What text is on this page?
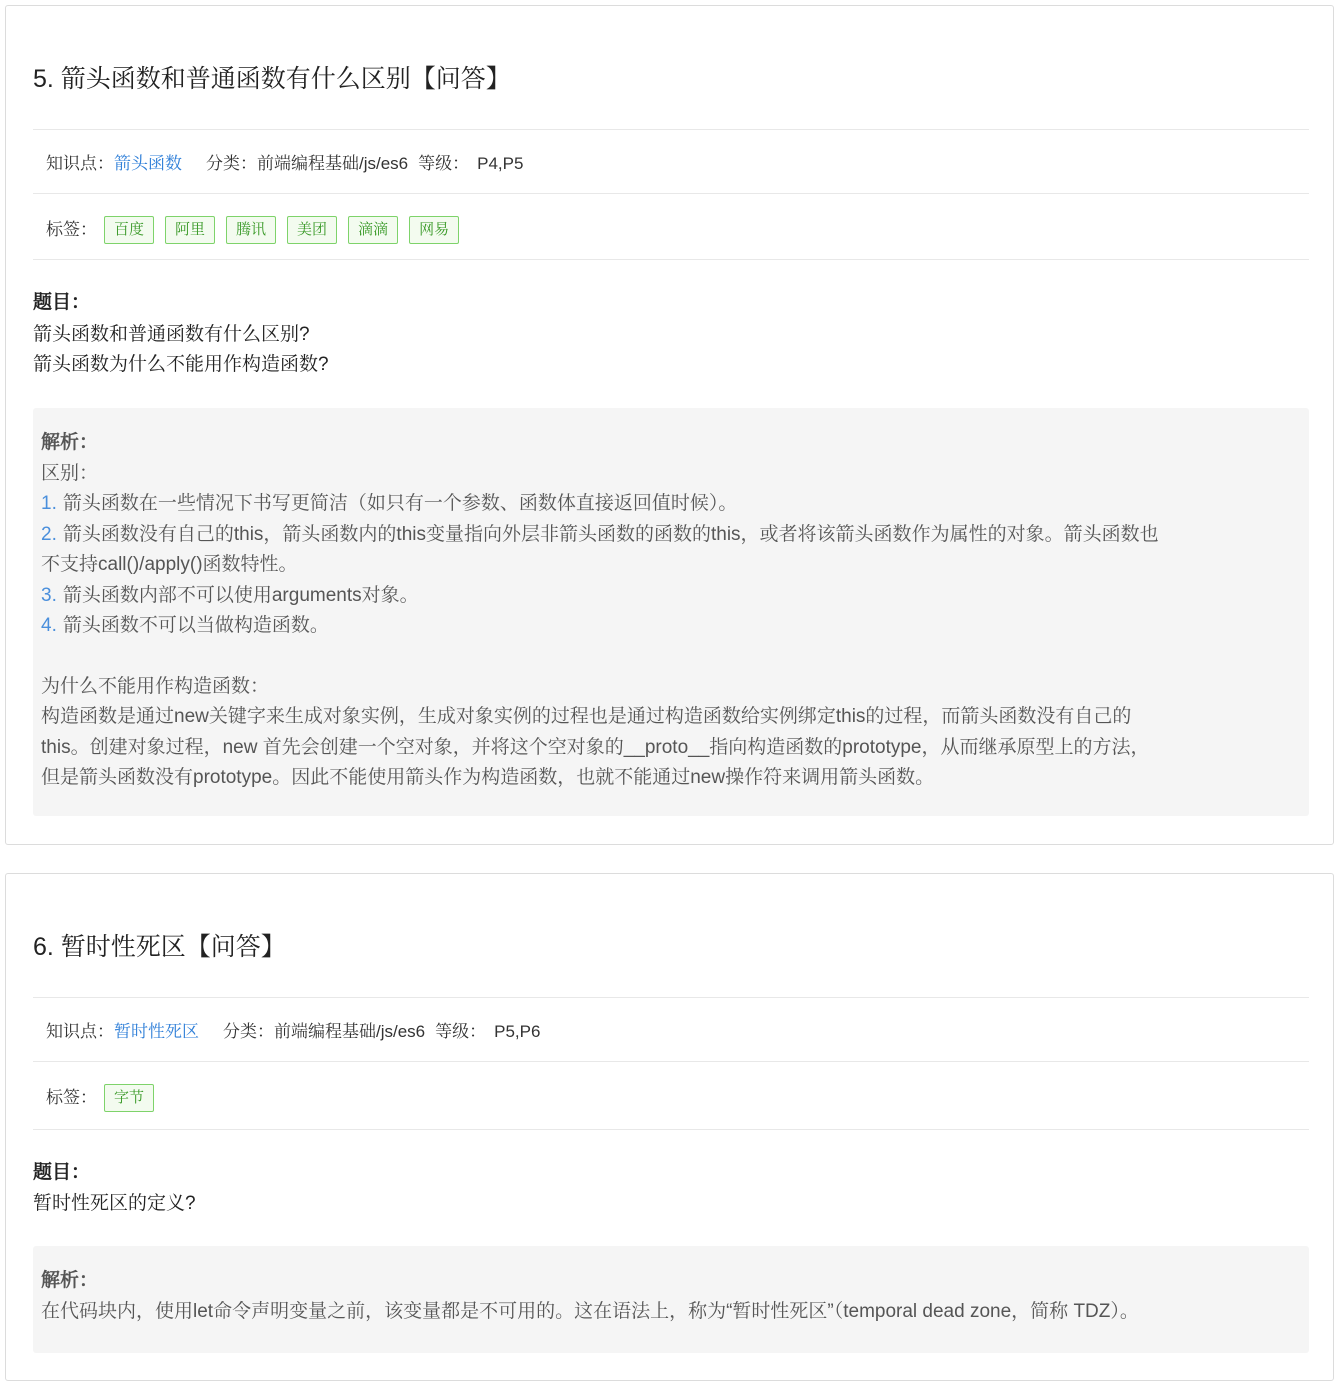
5. 箭头函数和普通函数有什么区别【问答】
知识点：箭头函数 分类：前端编程基础/js/es6 等级： P4,P5
标签：	百度	阿里	腾讯	美团	滴滴	网易
题目：
箭头函数和普通函数有什么区别?
箭头函数为什么不能用作构造函数?

解析：

区别：

1. 箭头函数在一些情况下书写更简洁（如只有一个参数、函数体直接返回值时候）。

2. 箭头函数没有自己的this，箭头函数内的this变量指向外层非箭头函数的函数的this，或者将该箭头函数作为属性的对象。箭头函数也

不支持call()/apply()函数特性。

3. 箭头函数内部不可以使用arguments对象。

4. 箭头函数不可以当做构造函数。

为什么不能用作构造函数：

构造函数是通过new关键字来生成对象实例，生成对象实例的过程也是通过构造函数给实例绑定this的过程，而箭头函数没有自己的

this。创建对象过程，new 首先会创建一个空对象，并将这个空对象的__proto__指向构造函数的prototype，从而继承原型上的方法，

但是箭头函数没有prototype。因此不能使用箭头作为构造函数，也就不能通过new操作符来调用箭头函数。

6. 暂时性死区【问答】
知识点：暂时性死区 分类：前端编程基础/js/es6 等级： P5,P6
标签：	字节
题目：
暂时性死区的定义?

解析：

在代码块内，使用let命令声明变量之前，该变量都是不可用的。这在语法上，称为“暂时性死区”（temporal dead zone，简称 TDZ）。
